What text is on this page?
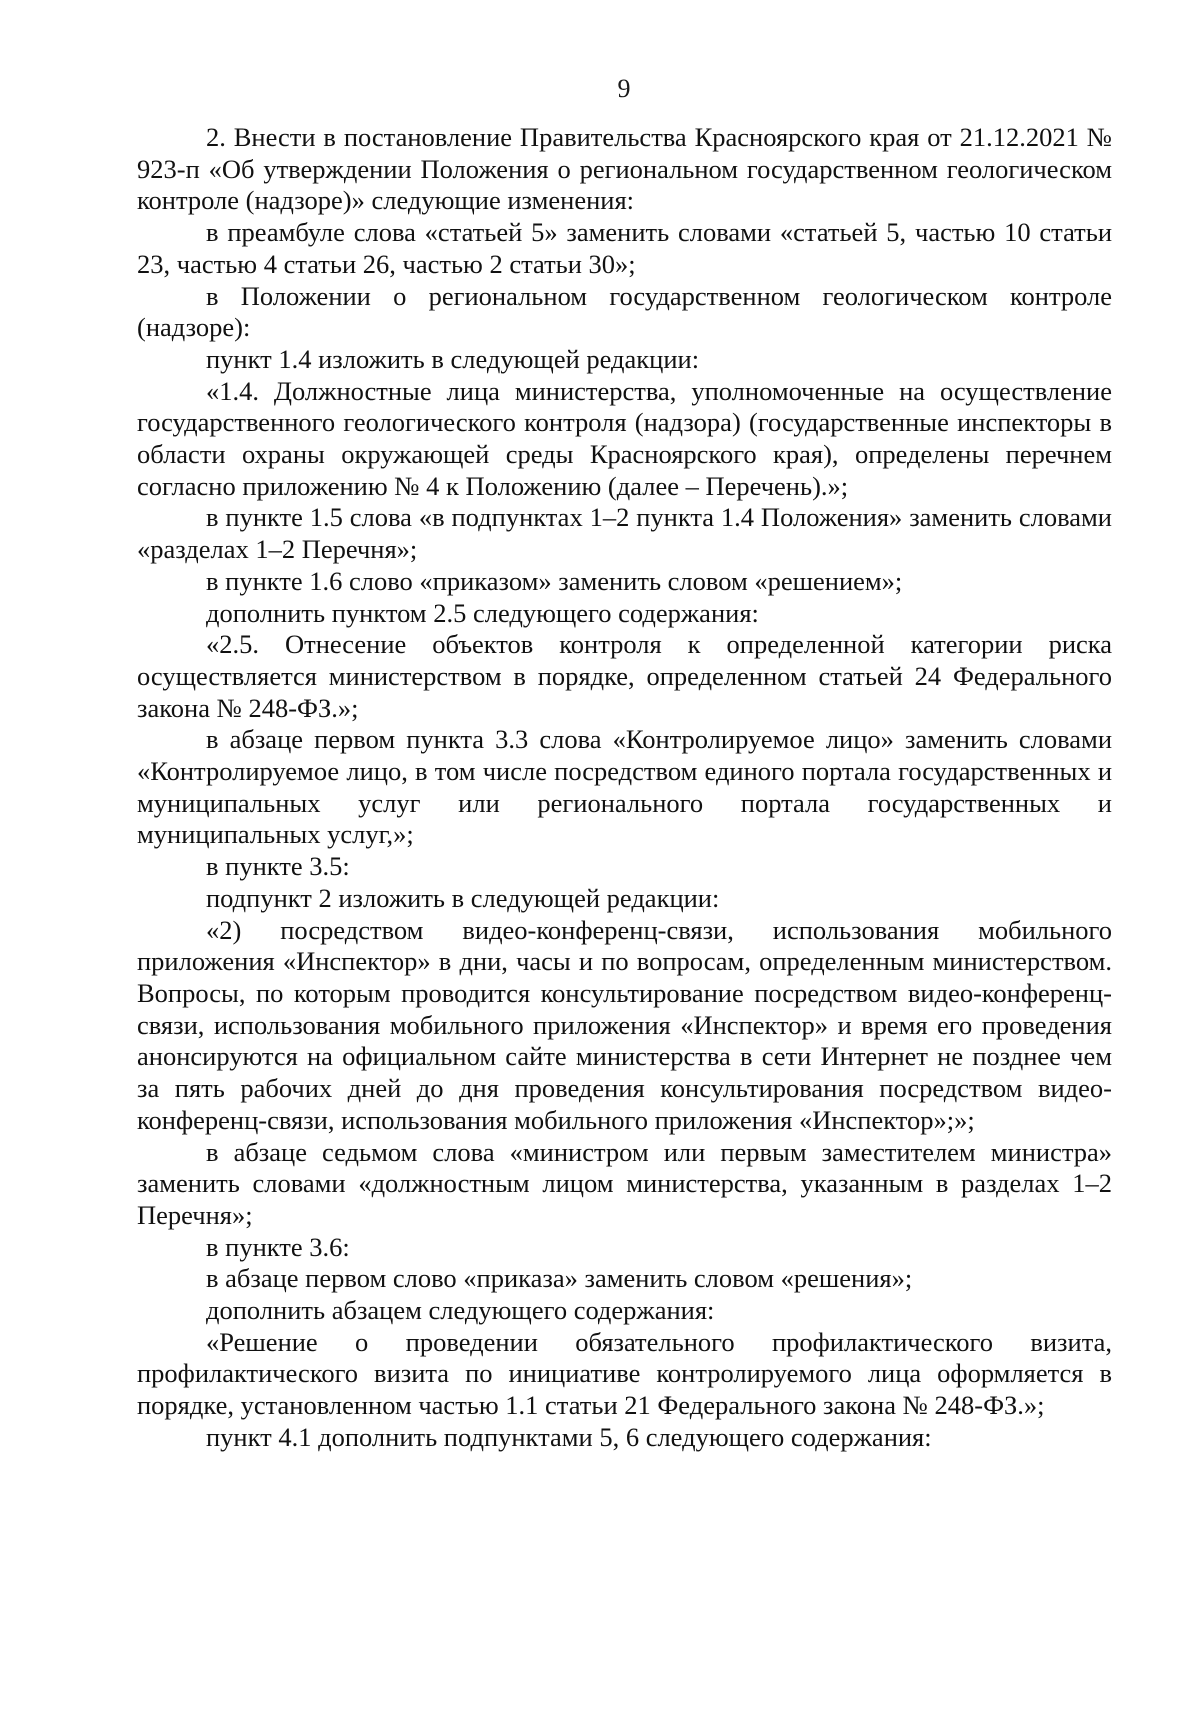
9

2. Внести в постановление Правительства Красноярского края от 21.12.2021 № 923-п «Об утверждении Положения о региональном государственном геологическом контроле (надзоре)» следующие изменения:

в преамбуле слова «статьей 5» заменить словами «статьей 5, частью 10 статьи 23, частью 4 статьи 26, частью 2 статьи 30»;

в Положении о региональном государственном геологическом контроле (надзоре):

пункт 1.4 изложить в следующей редакции:

«1.4. Должностные лица министерства, уполномоченные на осуществление государственного геологического контроля (надзора) (государственные инспекторы в области охраны окружающей среды Красноярского края), определены перечнем согласно приложению № 4 к Положению (далее – Перечень).»;

в пункте 1.5 слова «в подпунктах 1–2 пункта 1.4 Положения» заменить словами «разделах 1–2 Перечня»;

в пункте 1.6 слово «приказом» заменить словом «решением»;

дополнить пунктом 2.5 следующего содержания:

«2.5. Отнесение объектов контроля к определенной категории риска осуществляется министерством в порядке, определенном статьей 24 Федерального закона № 248-ФЗ.»;

в абзаце первом пункта 3.3 слова «Контролируемое лицо» заменить словами «Контролируемое лицо, в том числе посредством единого портала государственных и муниципальных услуг или регионального портала государственных и муниципальных услуг,»;

в пункте 3.5:

подпункт 2 изложить в следующей редакции:

«2) посредством видео-конференц-связи, использования мобильного приложения «Инспектор» в дни, часы и по вопросам, определенным министерством. Вопросы, по которым проводится консультирование посредством видео-конференц-связи, использования мобильного приложения «Инспектор» и время его проведения анонсируются на официальном сайте министерства в сети Интернет не позднее чем за пять рабочих дней до дня проведения консультирования посредством видео-конференц-связи, использования мобильного приложения «Инспектор»;»;

в абзаце седьмом слова «министром или первым заместителем министра» заменить словами «должностным лицом министерства, указанным в разделах 1–2 Перечня»;

в пункте 3.6:

в абзаце первом слово «приказа» заменить словом «решения»;

дополнить абзацем следующего содержания:

«Решение о проведении обязательного профилактического визита, профилактического визита по инициативе контролируемого лица оформляется в порядке, установленном частью 1.1 статьи 21 Федерального закона № 248-ФЗ.»;

пункт 4.1 дополнить подпунктами 5, 6 следующего содержания:
